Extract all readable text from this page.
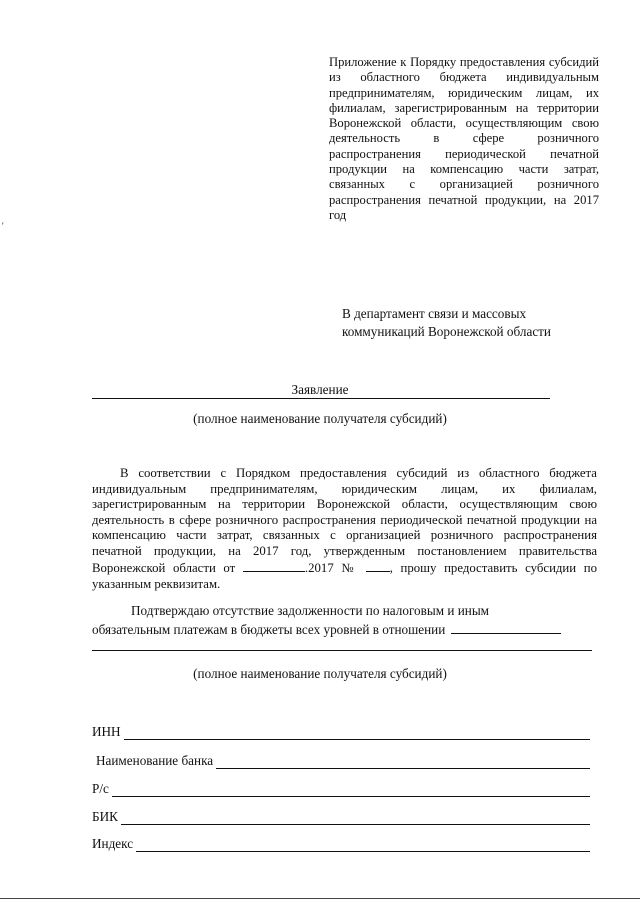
'
Приложение к Порядку предоставления субсидий из областного бюджета индивидуальным предпринимателям, юридическим лицам, их филиалам, зарегистрированным на территории Воронежской области, осуществляющим свою деятельность в сфере розничного распространения периодической печатной продукции на компенсацию части затрат, связанных с организацией розничного распространения печатной продукции, на 2017 год
В департамент связи и массовых коммуникаций Воронежской области
Заявление
(полное наименование получателя субсидий)
В соответствии с Порядком предоставления субсидий из областного бюджета индивидуальным предпринимателям, юридическим лицам, их филиалам, зарегистрированным на территории Воронежской области, осуществляющим свою деятельность в сфере розничного распространения периодической печатной продукции на компенсацию части затрат, связанных с организацией розничного распространения печатной продукции, на 2017 год, утвержденным постановлением правительства Воронежской области от	.2017 № , прошу предоставить субсидии по указанным реквизитам.
Подтверждаю отсутствие задолженности по налоговым и иным
обязательным платежам в бюджеты всех уровней в отношении
(полное наименование получателя субсидий)
ИНН
Наименование банка
Р/с
БИК
Индекс
